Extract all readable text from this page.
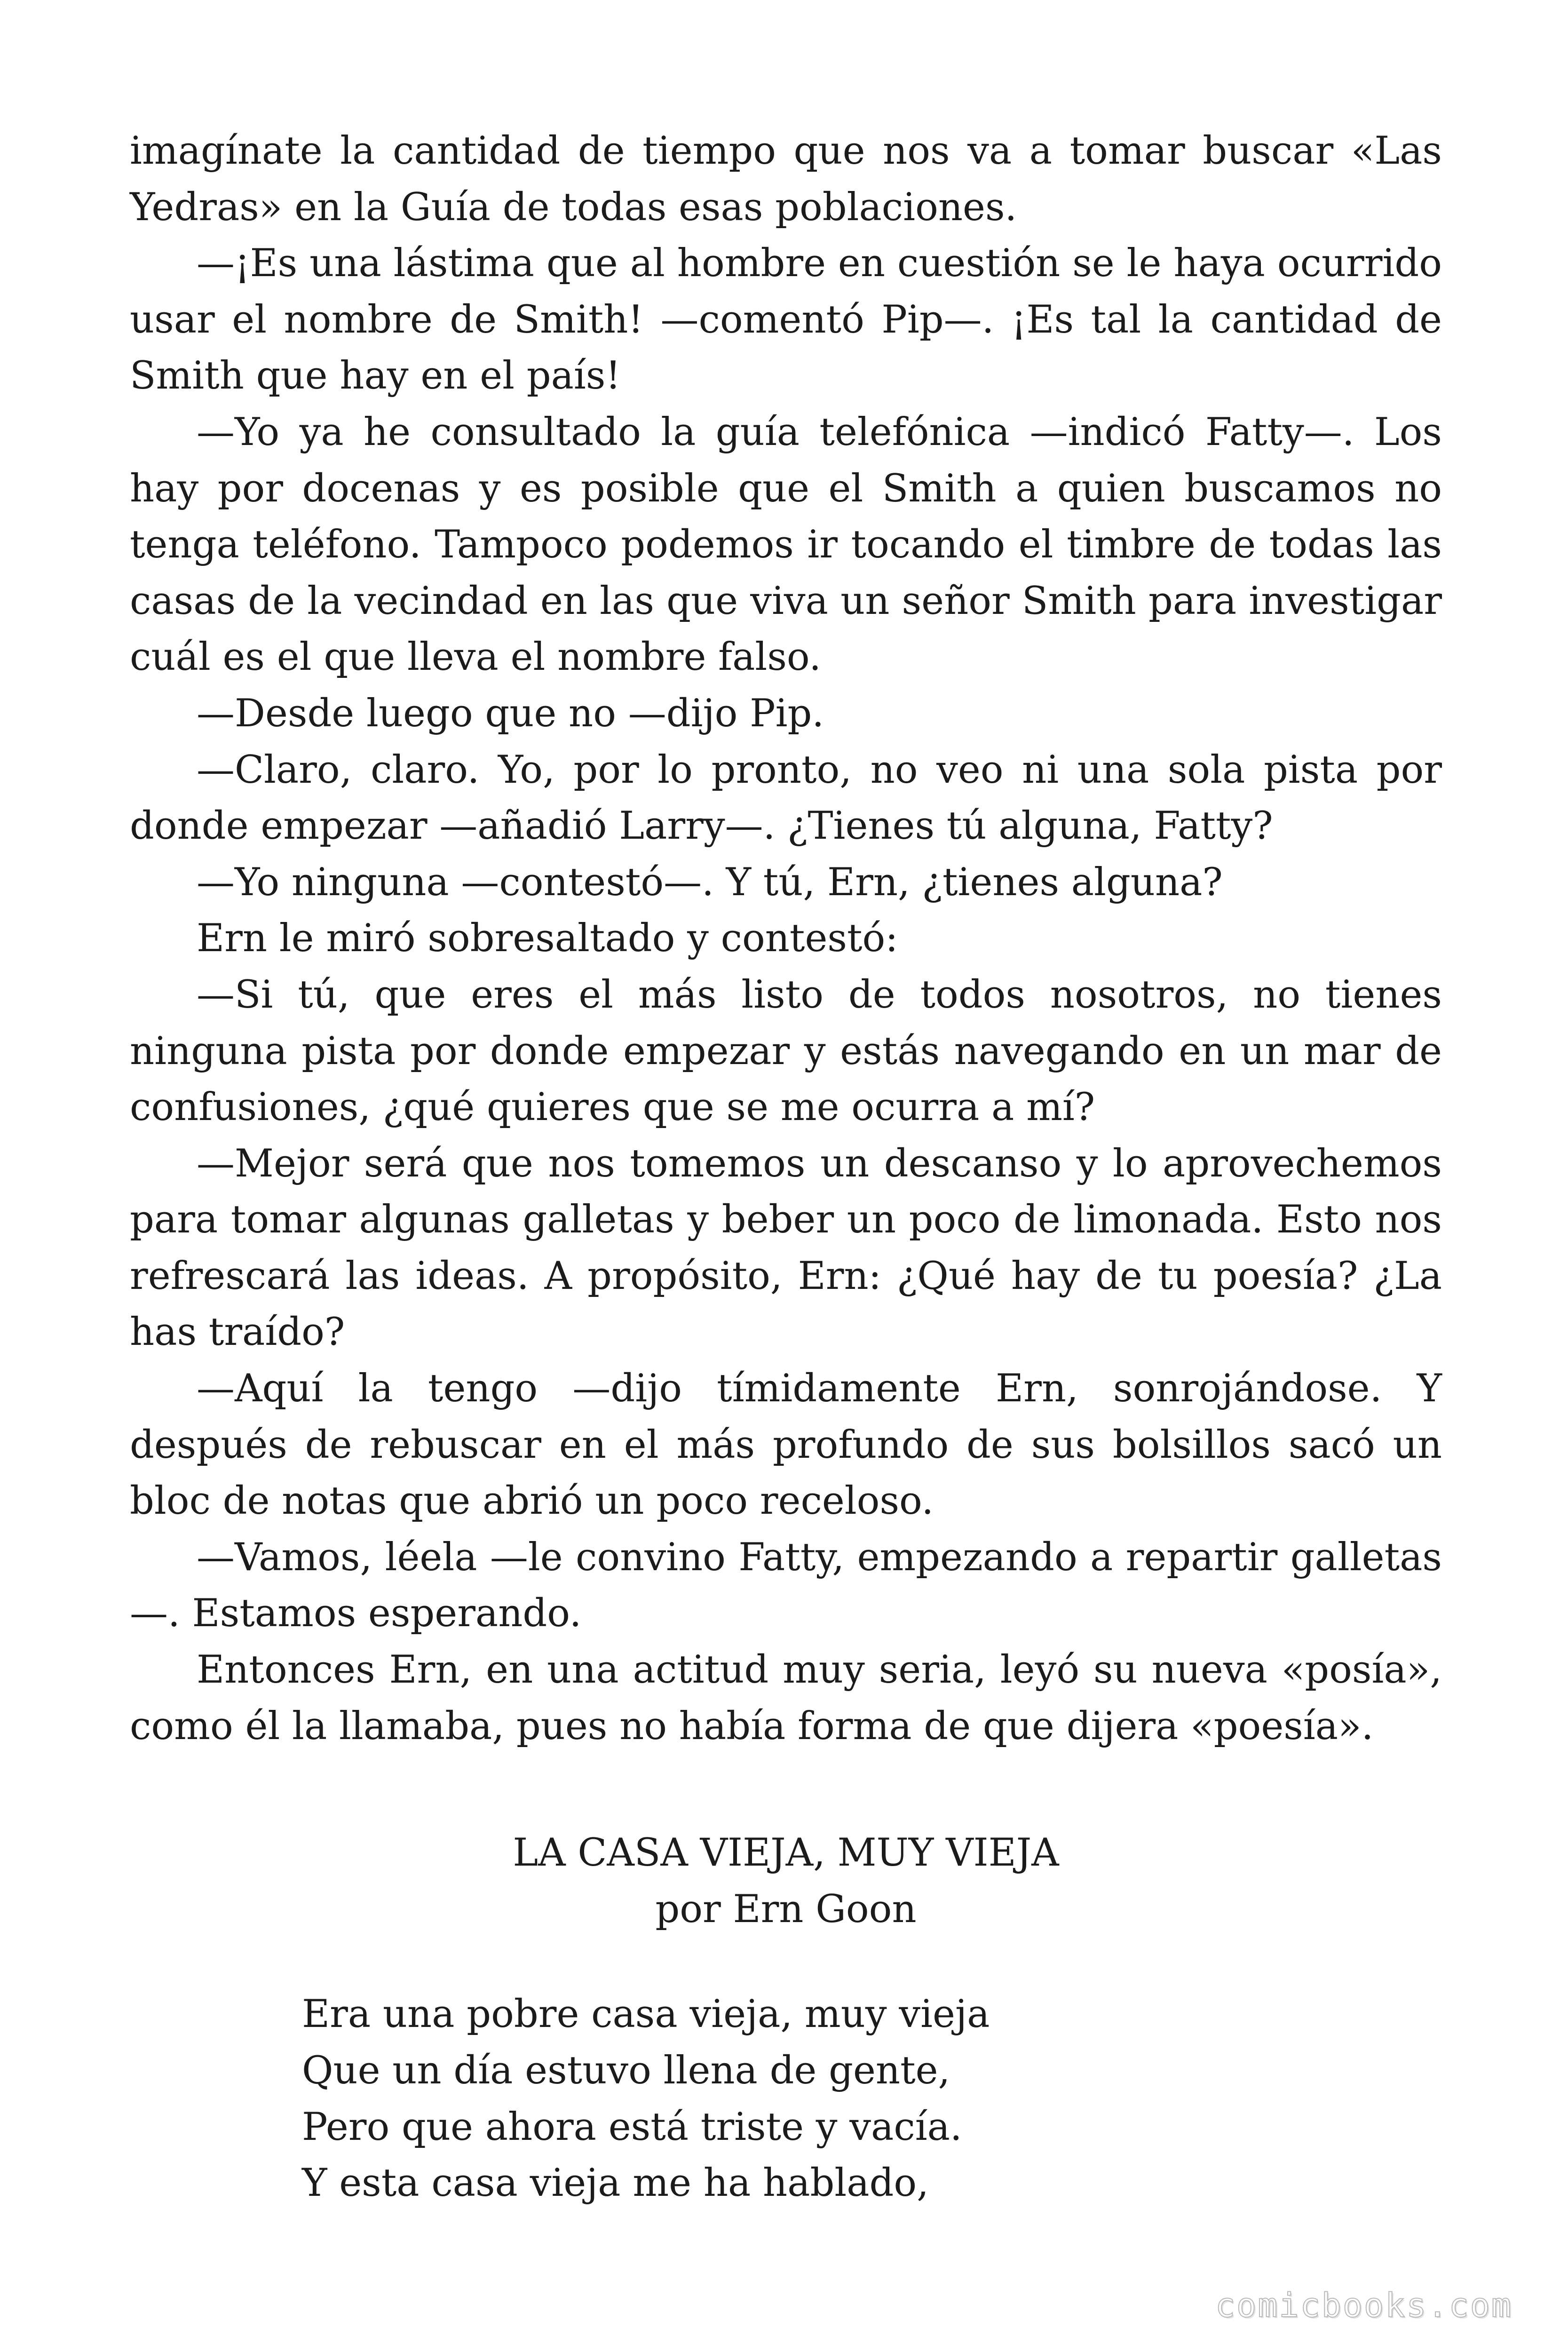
imagínate la cantidad de tiempo que nos va a tomar buscar «Las Yedras» en la Guía de todas esas poblaciones.

—¡Es una lástima que al hombre en cuestión se le haya ocurrido usar el nombre de Smith! —comentó Pip—. ¡Es tal la cantidad de Smith que hay en el país!

—Yo ya he consultado la guía telefónica —indicó Fatty—. Los hay por docenas y es posible que el Smith a quien buscamos no tenga teléfono. Tampoco podemos ir tocando el timbre de todas las casas de la vecindad en las que viva un señor Smith para investigar cuál es el que lleva el nombre falso.

—Desde luego que no —dijo Pip.

—Claro, claro. Yo, por lo pronto, no veo ni una sola pista por donde empezar —añadió Larry—. ¿Tienes tú alguna, Fatty?

—Yo ninguna —contestó—. Y tú, Ern, ¿tienes alguna?

Ern le miró sobresaltado y contestó:

—Si tú, que eres el más listo de todos nosotros, no tienes ninguna pista por donde empezar y estás navegando en un mar de confusiones, ¿qué quieres que se me ocurra a mí?

—Mejor será que nos tomemos un descanso y lo aprovechemos para tomar algunas galletas y beber un poco de limonada. Esto nos refrescará las ideas. A propósito, Ern: ¿Qué hay de tu poesía? ¿La has traído?

—Aquí la tengo —dijo tímidamente Ern, sonrojándose. Y después de rebuscar en el más profundo de sus bolsillos sacó un bloc de notas que abrió un poco receloso.

—Vamos, léela —le convino Fatty, empezando a repartir galletas —. Estamos esperando.

Entonces Ern, en una actitud muy seria, leyó su nueva «posía», como él la llamaba, pues no había forma de que dijera «poesía».

LA CASA VIEJA, MUY VIEJA

por Ern Goon

Era una pobre casa vieja, muy vieja

Que un día estuvo llena de gente,

Pero que ahora está triste y vacía.

Y esta casa vieja me ha hablado,

comicbooks.com
